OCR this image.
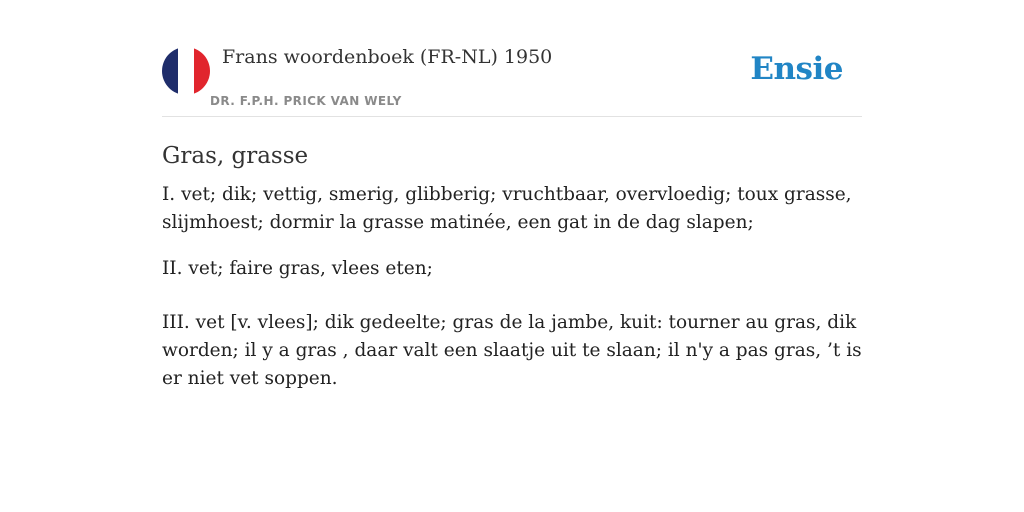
Frans woordenboek (FR-NL) 1950
DR. F.P.H. PRICK VAN WELY
Ensie
Gras, grasse

I. vet; dik; vettig, smerig, glibberig; vruchtbaar, overvloedig; toux grasse, slijmhoest; dormir la grasse matinée, een gat in de dag slapen;

II. vet; faire gras, vlees eten;

III. vet [v. vlees]; dik gedeelte; gras de la jambe, kuit: tourner au gras, dik worden; il y a gras , daar valt een slaatje uit te slaan; il n'y a pas gras, ’t is er niet vet soppen.
